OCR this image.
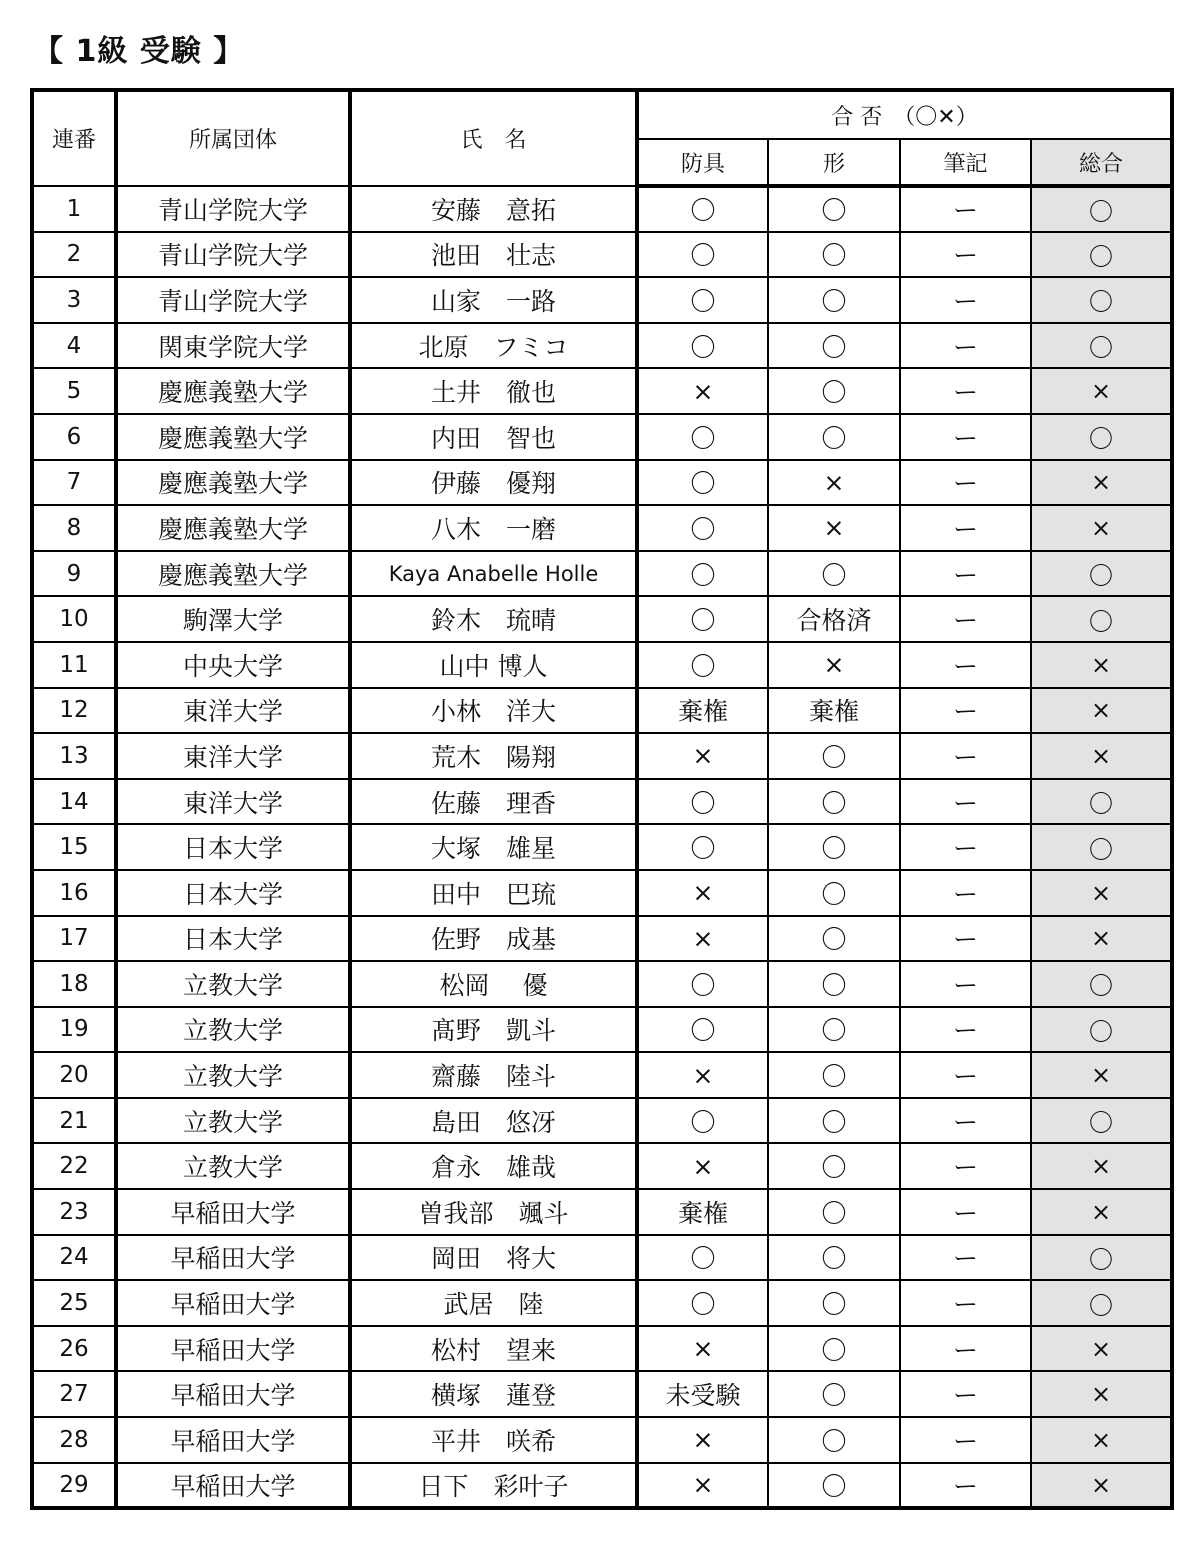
【 1級 受験 】
連番	所属団体	氏　名	合 否　（〇✕）			
			防具	形	筆記	総合
1	青山学院大学	安藤　意拓	〇	〇	ー	〇
2	青山学院大学	池田　壮志	〇	〇	ー	〇
3	青山学院大学	山家　一路	〇	〇	ー	〇
4	関東学院大学	北原　フミコ	〇	〇	ー	〇
5	慶應義塾大学	土井　徹也	×	〇	ー	×
6	慶應義塾大学	内田　智也	〇	〇	ー	〇
7	慶應義塾大学	伊藤　優翔	〇	×	ー	×
8	慶應義塾大学	八木　一磨	〇	×	ー	×
9	慶應義塾大学	Kaya Anabelle Holle	〇	〇	ー	〇
10	駒澤大学	鈴木　琉晴	〇	合格済	ー	〇
11	中央大学	山中 博人	〇	×	ー	×
12	東洋大学	小林　洋大	棄権	棄権	ー	×
13	東洋大学	荒木　陽翔	×	〇	ー	×
14	東洋大学	佐藤　理香	〇	〇	ー	〇
15	日本大学	大塚　雄星	〇	〇	ー	〇
16	日本大学	田中　巴琉	×	〇	ー	×
17	日本大学	佐野　成基	×	〇	ー	×
18	立教大学	松岡　 優	〇	〇	ー	〇
19	立教大学	髙野　凱斗	〇	〇	ー	〇
20	立教大学	齋藤　陸斗	×	〇	ー	×
21	立教大学	島田　悠冴	〇	〇	ー	〇
22	立教大学	倉永　雄哉	×	〇	ー	×
23	早稲田大学	曽我部　颯斗	棄権	〇	ー	×
24	早稲田大学	岡田　将大	〇	〇	ー	〇
25	早稲田大学	武居　陸	〇	〇	ー	〇
26	早稲田大学	松村　望来	×	〇	ー	×
27	早稲田大学	横塚　蓮登	未受験	〇	ー	×
28	早稲田大学	平井　咲希	×	〇	ー	×
29	早稲田大学	日下　彩叶子	×	〇	ー	×
